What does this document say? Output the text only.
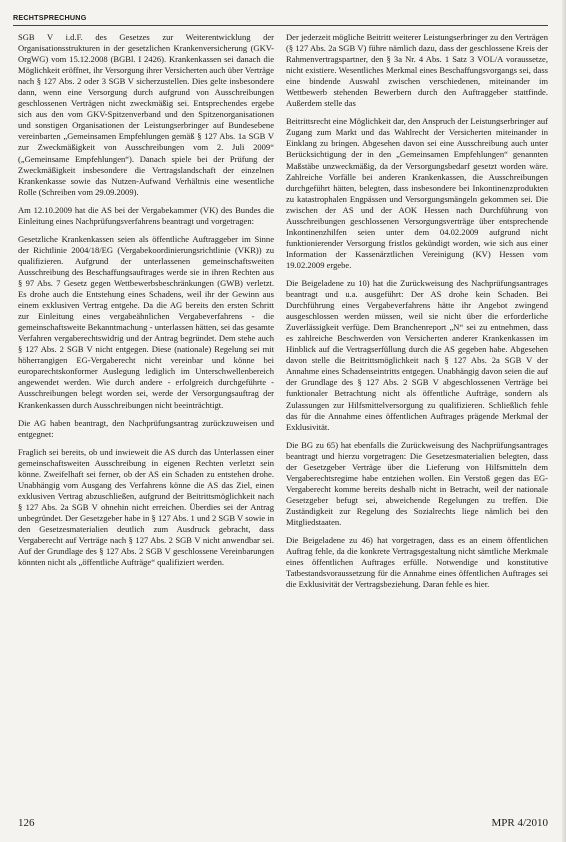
RECHTSPRECHUNG

SGB V i.d.F. des Gesetzes zur Weiterentwicklung der Organisationsstrukturen in der gesetzlichen Krankenversicherung (GKV-OrgWG) vom 15.12.2008 (BGBl. I 2426). Krankenkassen sei danach die Möglichkeit eröffnet, ihr Versorgung ihrer Versicherten auch über Verträge nach § 127 Abs. 2 oder 3 SGB V sicherzustellen. Dies gelte insbesondere dann, wenn eine Versorgung durch aufgrund von Ausschreibungen geschlossenen Verträgen nicht zweckmäßig sei. Entsprechendes ergebe sich aus den vom GKV-Spitzenverband und den Spitzenorganisationen und sonstigen Organisationen der Leistungserbringer auf Bundesebene vereinbarten „Gemeinsamen Empfehlungen gemäß § 127 Abs. 1a SGB V zur Zweckmäßigkeit von Ausschreibungen vom 2. Juli 2009“ („Gemeinsame Empfehlungen“). Danach spiele bei der Prüfung der Zweckmäßigkeit insbesondere die Vertragslandschaft der einzelnen Krankenkasse sowie das Nutzen-Aufwand Verhältnis eine wesentliche Rolle (Schreiben vom 29.09.2009).

Am 12.10.2009 hat die AS bei der Vergabekammer (VK) des Bundes die Einleitung eines Nachprüfungsverfahrens beantragt und vorgetragen:

Gesetzliche Krankenkassen seien als öffentliche Auftraggeber im Sinne der Richtlinie 2004/18/EG (Vergabekoordinierungsrichtlinie (VKR)) zu qualifizieren. Aufgrund der unterlassenen gemeinschaftsweiten Ausschreibung des Beschaffungsauftrages werde sie in ihren Rechten aus § 97 Abs. 7 Gesetz gegen Wettbewerbsbeschränkungen (GWB) verletzt. Es drohe auch die Entstehung eines Schadens, weil ihr der Gewinn aus einem exklusiven Vertrag entgehe. Da die AG bereits den ersten Schritt zur Einleitung eines vergabeähnlichen Vergabeverfahrens - die gemeinschaftsweite Bekanntmachung - unterlassen hätten, sei das gesamte Verfahren vergaberechtswidrig und der Antrag begründet. Dem stehe auch § 127 Abs. 2 SGB V nicht entgegen. Diese (nationale) Regelung sei mit höherrangigen EG-Vergaberecht nicht vereinbar und könne bei europarechtskonformer Auslegung lediglich im Unterschwellenbereich angewendet werden. Wie durch andere - erfolgreich durchgeführte - Ausschreibungen belegt worden sei, werde der Versorgungsauftrag der Krankenkassen durch Ausschreibungen nicht beeinträchtigt.

Die AG haben beantragt, den Nachprüfungsantrag zurückzuweisen und entgegnet:

Fraglich sei bereits, ob und inwieweit die AS durch das Unterlassen einer gemeinschaftsweiten Ausschreibung in eigenen Rechten verletzt sein könne. Zweifelhaft sei ferner, ob der AS ein Schaden zu entstehen drohe. Unabhängig vom Ausgang des Verfahrens könne die AS das Ziel, einen exklusiven Vertrag abzuschließen, aufgrund der Beitrittsmöglichkeit nach § 127 Abs. 2a SGB V ohnehin nicht erreichen. Überdies sei der Antrag unbegründet. Der Gesetzgeber habe in § 127 Abs. 1 und 2 SGB V sowie in den Gesetzesmaterialien deutlich zum Ausdruck gebracht, dass Vergaberecht auf Verträge nach § 127 Abs. 2 SGB V nicht anwendbar sei. Auf der Grundlage des § 127 Abs. 2 SGB V geschlossene Vereinbarungen könnten nicht als „öffentliche Aufträge“ qualifiziert werden.

Der jederzeit mögliche Beitritt weiterer Leistungserbringer zu den Verträgen (§ 127 Abs. 2a SGB V) führe nämlich dazu, dass der geschlossene Kreis der Rahmenvertragspartner, den § 3a Nr. 4 Abs. 1 Satz 3 VOL/A voraussetze, nicht existiere. Wesentliches Merkmal eines Beschaffungsvorgangs sei, dass eine bindende Auswahl zwischen verschiedenen, miteinander im Wettbewerb stehenden Bewerbern durch den Auftraggeber stattfinde. Außerdem stelle das

Beitrittsrecht eine Möglichkeit dar, den Anspruch der Leistungserbringer auf Zugang zum Markt und das Wahlrecht der Versicherten miteinander in Einklang zu bringen. Abgesehen davon sei eine Ausschreibung auch unter Berücksichtigung der in den „Gemeinsamen Empfehlungen“ genannten Maßstäbe unzweckmäßig, da der Versorgungsbedarf gesetzt worden wäre. Zahlreiche Vorfälle bei anderen Krankenkassen, die Ausschreibungen durchgeführt hätten, belegten, dass insbesondere bei Inkontinenzprodukten zu katastrophalen Engpässen und Versorgungsmängeln gekommen sei. Die zwischen der AS und der AOK Hessen nach Durchführung von Ausschreibungen geschlossenen Versorgungsverträge über entsprechende Inkontinenzhilfen seien unter dem 04.02.2009 aufgrund nicht funktionierender Versorgung fristlos gekündigt worden, wie sich aus einer Information der Kassenärztlichen Vereinigung (KV) Hessen vom 19.02.2009 ergebe.

Die Beigeladene zu 10) hat die Zurückweisung des Nachprüfungsantrages beantragt und u.a. ausgeführt: Der AS drohe kein Schaden. Bei Durchführung eines Vergabeverfahrens hätte ihr Angebot zwingend ausgeschlossen werden müssen, weil sie nicht über die erforderliche Zuverlässigkeit verfüge. Dem Branchenreport „N“ sei zu entnehmen, dass es zahlreiche Beschwerden von Versicherten anderer Krankenkassen im Hinblick auf die Vertragserfüllung durch die AS gegeben habe. Abgesehen davon stelle die Beitrittsmöglichkeit nach § 127 Abs. 2a SGB V der Annahme eines Schadenseintritts entgegen. Unabhängig davon seien die auf der Grundlage des § 127 Abs. 2 SGB V abgeschlossenen Verträge bei funktionaler Betrachtung nicht als öffentliche Aufträge, sondern als Zulassungen zur Hilfsmittelversorgung zu qualifizieren. Schließlich fehle das für die Annahme eines öffentlichen Auftrages prägende Merkmal der Exklusivität.

Die BG zu 65) hat ebenfalls die Zurückweisung des Nachprüfungsantrages beantragt und hierzu vorgetragen: Die Gesetzesmaterialien belegten, dass der Gesetzgeber Verträge über die Lieferung von Hilfsmitteln dem Vergaberechtsregime habe entziehen wollen. Ein Verstoß gegen das EG-Vergaberecht komme bereits deshalb nicht in Betracht, weil der nationale Gesetzgeber befugt sei, abweichende Regelungen zu treffen. Die Zuständigkeit zur Regelung des Sozialrechts liege nämlich bei den Mitgliedstaaten.

Die Beigeladene zu 46) hat vorgetragen, dass es an einem öffentlichen Auftrag fehle, da die konkrete Vertragsgestaltung nicht sämtliche Merkmale eines öffentlichen Auftrages erfülle. Notwendige und konstitutive Tatbestandsvoraussetzung für die Annahme eines öffentlichen Auftrages sei die Exklusivität der Vertragsbeziehung. Daran fehle es hier.

126	MPR 4/2010
